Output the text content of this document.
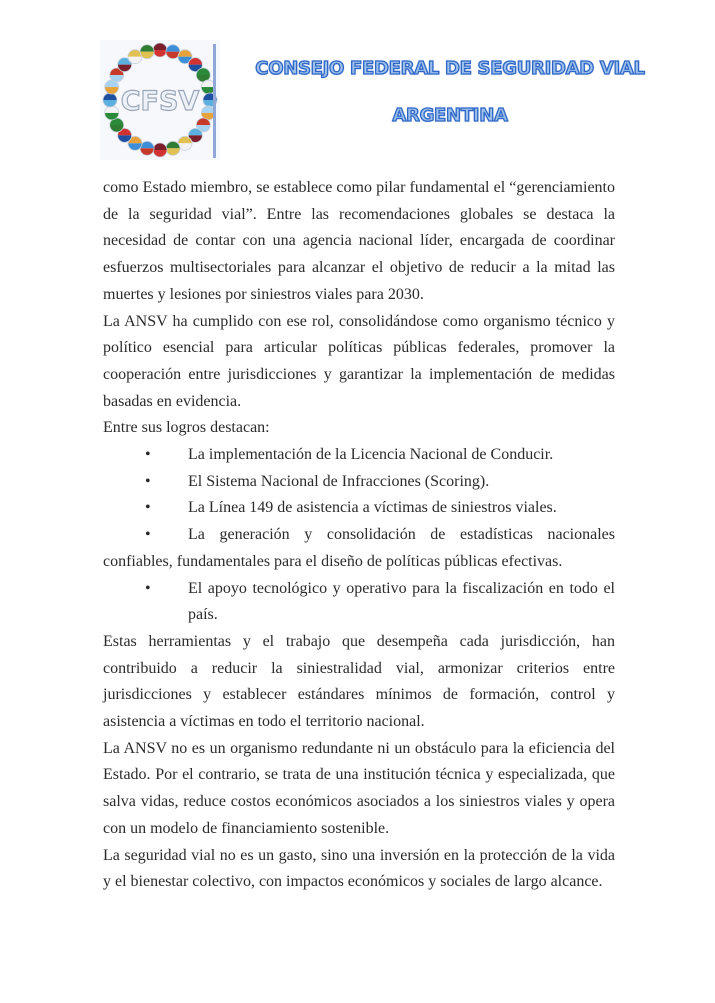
CFSV
CONSEJO FEDERAL DE SEGURIDAD VIAL
ARGENTINA

como Estado miembro, se establece como pilar fundamental el “gerenciamiento de la seguridad vial”. Entre las recomendaciones globales se destaca la necesidad de contar con una agencia nacional líder, encargada de coordinar esfuerzos multisectoriales para alcanzar el objetivo de reducir a la mitad las muertes y lesiones por siniestros viales para 2030.

La ANSV ha cumplido con ese rol, consolidándose como organismo técnico y político esencial para articular políticas públicas federales, promover la cooperación entre jurisdicciones y garantizar la implementación de medidas basadas en evidencia.

Entre sus logros destacan:

• La implementación de la Licencia Nacional de Conducir.

• El Sistema Nacional de Infracciones (Scoring).

• La Línea 149 de asistencia a víctimas de siniestros viales.

• La generación y consolidación de estadísticas nacionales confiables, fundamentales para el diseño de políticas públicas efectivas.

• El apoyo tecnológico y operativo para la fiscalización en todo el país.

Estas herramientas y el trabajo que desempeña cada jurisdicción, han contribuido a reducir la siniestralidad vial, armonizar criterios entre jurisdicciones y establecer estándares mínimos de formación, control y asistencia a víctimas en todo el territorio nacional.

La ANSV no es un organismo redundante ni un obstáculo para la eficiencia del Estado. Por el contrario, se trata de una institución técnica y especializada, que salva vidas, reduce costos económicos asociados a los siniestros viales y opera con un modelo de financiamiento sostenible.

La seguridad vial no es un gasto, sino una inversión en la protección de la vida y el bienestar colectivo, con impactos económicos y sociales de largo alcance.
